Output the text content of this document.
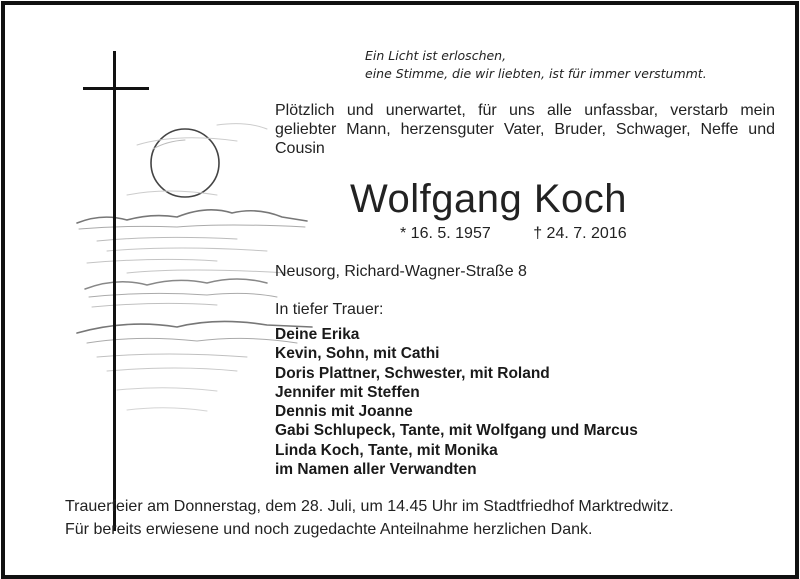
Ein Licht ist erloschen,
eine Stimme, die wir liebten, ist für immer verstummt.
Plötzlich und unerwartet, für uns alle unfassbar, verstarb mein geliebter Mann, herzensguter Vater, Bruder, Schwager, Neffe und Cousin
Wolfgang Koch
* 16. 5. 1957	† 24. 7. 2016
Neusorg, Richard-Wagner-Straße 8
In tiefer Trauer:
Deine Erika
Kevin, Sohn, mit Cathi
Doris Plattner, Schwester, mit Roland
Jennifer mit Steffen
Dennis mit Joanne
Gabi Schlupeck, Tante, mit Wolfgang und Marcus
Linda Koch, Tante, mit Monika
im Namen aller Verwandten
Trauerfeier am Donnerstag, dem 28. Juli, um 14.45 Uhr im Stadtfriedhof Marktredwitz.
Für bereits erwiesene und noch zugedachte Anteilnahme herzlichen Dank.
